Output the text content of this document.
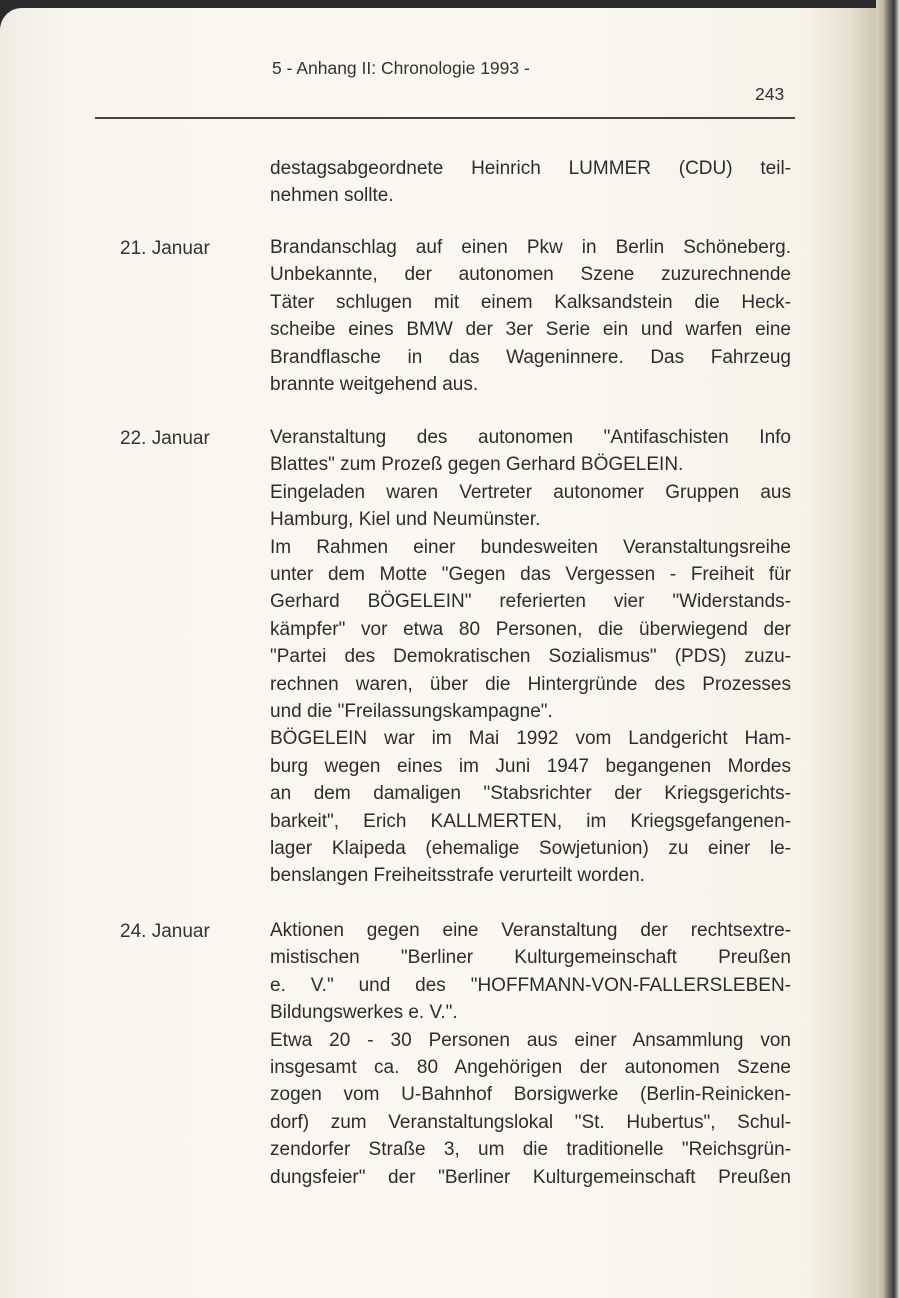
5 - Anhang II: Chronologie 1993 -
243
destagsabgeordnete Heinrich LUMMER (CDU) teil-
nehmen sollte.
21. Januar	Brandanschlag auf einen Pkw in Berlin Schöneberg.
Unbekannte, der autonomen Szene zuzurechnende
Täter schlugen mit einem Kalksandstein die Heck-
scheibe eines BMW der 3er Serie ein und warfen eine
Brandflasche in das Wageninnere. Das Fahrzeug
brannte weitgehend aus.
22. Januar	Veranstaltung des autonomen "Antifaschisten Info
Blattes" zum Prozeß gegen Gerhard BÖGELEIN.
Eingeladen waren Vertreter autonomer Gruppen aus
Hamburg, Kiel und Neumünster.
Im Rahmen einer bundesweiten Veranstaltungsreihe
unter dem Motte "Gegen das Vergessen - Freiheit für
Gerhard BÖGELEIN" referierten vier "Widerstands-
kämpfer" vor etwa 80 Personen, die überwiegend der
"Partei des Demokratischen Sozialismus" (PDS) zuzu-
rechnen waren, über die Hintergründe des Prozesses
und die "Freilassungskampagne".
BÖGELEIN war im Mai 1992 vom Landgericht Ham-
burg wegen eines im Juni 1947 begangenen Mordes
an dem damaligen "Stabsrichter der Kriegsgerichts-
barkeit", Erich KALLMERTEN, im Kriegsgefangenen-
lager Klaipeda (ehemalige Sowjetunion) zu einer le-
benslangen Freiheitsstrafe verurteilt worden.
24. Januar	Aktionen gegen eine Veranstaltung der rechtsextre-
mistischen "Berliner Kulturgemeinschaft Preußen
e. V." und des "HOFFMANN-VON-FALLERSLEBEN-
Bildungswerkes e. V.".
Etwa 20 - 30 Personen aus einer Ansammlung von
insgesamt ca. 80 Angehörigen der autonomen Szene
zogen vom U-Bahnhof Borsigwerke (Berlin-Reinicken-
dorf) zum Veranstaltungslokal "St. Hubertus", Schul-
zendorfer Straße 3, um die traditionelle "Reichsgrün-
dungsfeier" der "Berliner Kulturgemeinschaft Preußen
